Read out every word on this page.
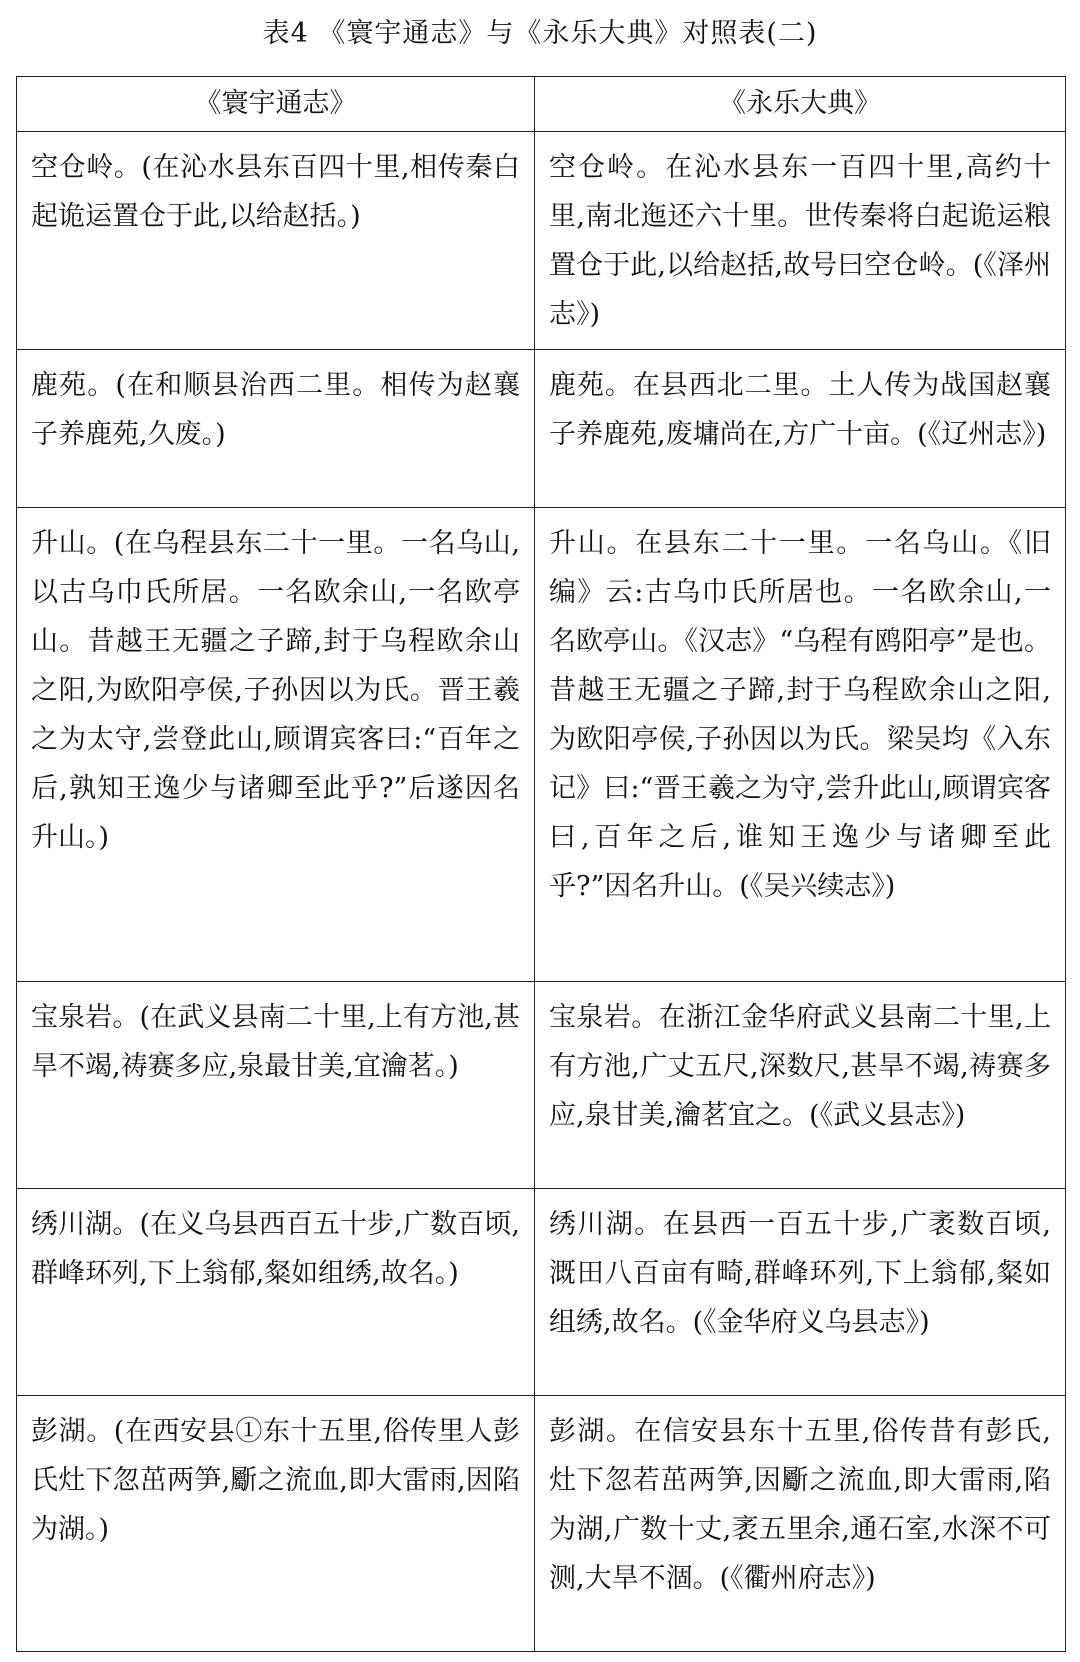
表4 《寰宇通志》与《永乐大典》对照表(二)
《寰宇通志》	《永乐大典》
空仓岭。(在沁水县东百四十里,相传秦白起诡运置仓于此,以给赵括。)	空仓岭。在沁水县东一百四十里,高约十里,南北迤还六十里。世传秦将白起诡运粮置仓于此,以给赵括,故号曰空仓岭。(《泽州志》)
鹿苑。(在和顺县治西二里。相传为赵襄子养鹿苑,久废。)	鹿苑。在县西北二里。土人传为战国赵襄子养鹿苑,废墉尚在,方广十亩。(《辽州志》)
升山。(在乌程县东二十一里。一名乌山,以古乌巾氏所居。一名欧余山,一名欧亭山。昔越王无疆之子蹄,封于乌程欧余山之阳,为欧阳亭侯,子孙因以为氏。晋王羲之为太守,尝登此山,顾谓宾客曰:“百年之后,孰知王逸少与诸卿至此乎?”后遂因名升山。)	升山。在县东二十一里。一名乌山。《旧编》云:古乌巾氏所居也。一名欧余山,一名欧亭山。《汉志》“乌程有鸥阳亭”是也。昔越王无疆之子蹄,封于乌程欧余山之阳,为欧阳亭侯,子孙因以为氏。梁吴均《入东记》曰:“晋王羲之为守,尝升此山,顾谓宾客曰,百年之后,谁知王逸少与诸卿至此乎?”因名升山。(《吴兴续志》)
宝泉岩。(在武义县南二十里,上有方池,甚旱不竭,祷赛多应,泉最甘美,宜瀹茗。)	宝泉岩。在浙江金华府武义县南二十里,上有方池,广丈五尺,深数尺,甚旱不竭,祷赛多应,泉甘美,瀹茗宜之。(《武义县志》)
绣川湖。(在义乌县西百五十步,广数百顷,群峰环列,下上翁郁,粲如组绣,故名。)	绣川湖。在县西一百五十步,广袤数百顷,溉田八百亩有畸,群峰环列,下上翁郁,粲如组绣,故名。(《金华府义乌县志》)
彭湖。(在西安县①东十五里,俗传里人彭氏灶下忽茁两笋,斸之流血,即大雷雨,因陷为湖。)	彭湖。在信安县东十五里,俗传昔有彭氏,灶下忽若茁两笋,因斸之流血,即大雷雨,陷为湖,广数十丈,袤五里余,通石室,水深不可测,大旱不涸。(《衢州府志》)
